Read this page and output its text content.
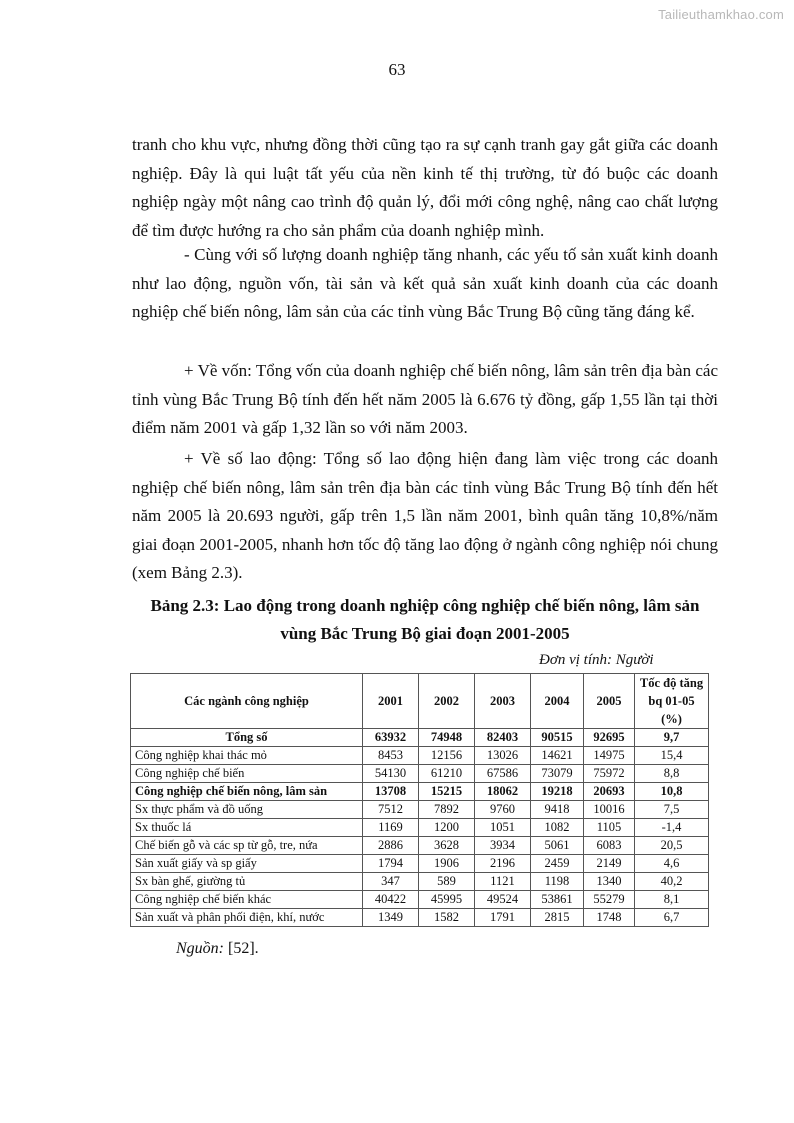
Tailieuthamkhao.com
63

tranh cho khu vực, nhưng đồng thời cũng tạo ra sự cạnh tranh gay gắt giữa các doanh nghiệp. Đây là qui luật tất yếu của nền kinh tế thị trường, từ đó buộc các doanh nghiệp ngày một nâng cao trình độ quản lý, đổi mới công nghệ, nâng cao chất lượng để tìm được hướng ra cho sản phẩm của doanh nghiệp mình.

- Cùng với số lượng doanh nghiệp tăng nhanh, các yếu tố sản xuất kinh doanh như lao động, nguồn vốn, tài sản và kết quả sản xuất kinh doanh của các doanh nghiệp chế biến nông, lâm sản của các tỉnh vùng Bắc Trung Bộ cũng tăng đáng kể.

+ Về vốn: Tổng vốn của doanh nghiệp chế biến nông, lâm sản trên địa bàn các tỉnh vùng Bắc Trung Bộ tính đến hết năm 2005 là 6.676 tỷ đồng, gấp 1,55 lần tại thời điểm năm 2001 và gấp 1,32 lần so với năm 2003.

+ Về số lao động: Tổng số lao động hiện đang làm việc trong các doanh nghiệp chế biến nông, lâm sản trên địa bàn các tỉnh vùng Bắc Trung Bộ tính đến hết năm 2005 là 20.693 người, gấp trên 1,5 lần năm 2001, bình quân tăng 10,8%/năm giai đoạn 2001-2005, nhanh hơn tốc độ tăng lao động ở ngành công nghiệp nói chung (xem Bảng 2.3).

Bảng 2.3: Lao động trong doanh nghiệp công nghiệp chế biến nông, lâm sản
vùng Bắc Trung Bộ giai đoạn 2001-2005
Đơn vị tính: Người
Các ngành công nghiệp	2001	2002	2003	2004	2005	Tốc độ tăng bq 01-05 (%)
Tổng số	63932	74948	82403	90515	92695	9,7
Công nghiệp khai thác mỏ	8453	12156	13026	14621	14975	15,4
Công nghiệp chế biến	54130	61210	67586	73079	75972	8,8
Công nghiệp chế biến nông, lâm sản	13708	15215	18062	19218	20693	10,8
Sx thực phẩm và đồ uống	7512	7892	9760	9418	10016	7,5
Sx thuốc lá	1169	1200	1051	1082	1105	-1,4
Chế biến gỗ và các sp từ gỗ, tre, nứa	2886	3628	3934	5061	6083	20,5
Sản xuất giấy và sp giấy	1794	1906	2196	2459	2149	4,6
Sx bàn ghế, giường tủ	347	589	1121	1198	1340	40,2
Công nghiệp chế biến khác	40422	45995	49524	53861	55279	8,1
Sản xuất và phân phối điện, khí, nước	1349	1582	1791	2815	1748	6,7
Nguồn: [52].
